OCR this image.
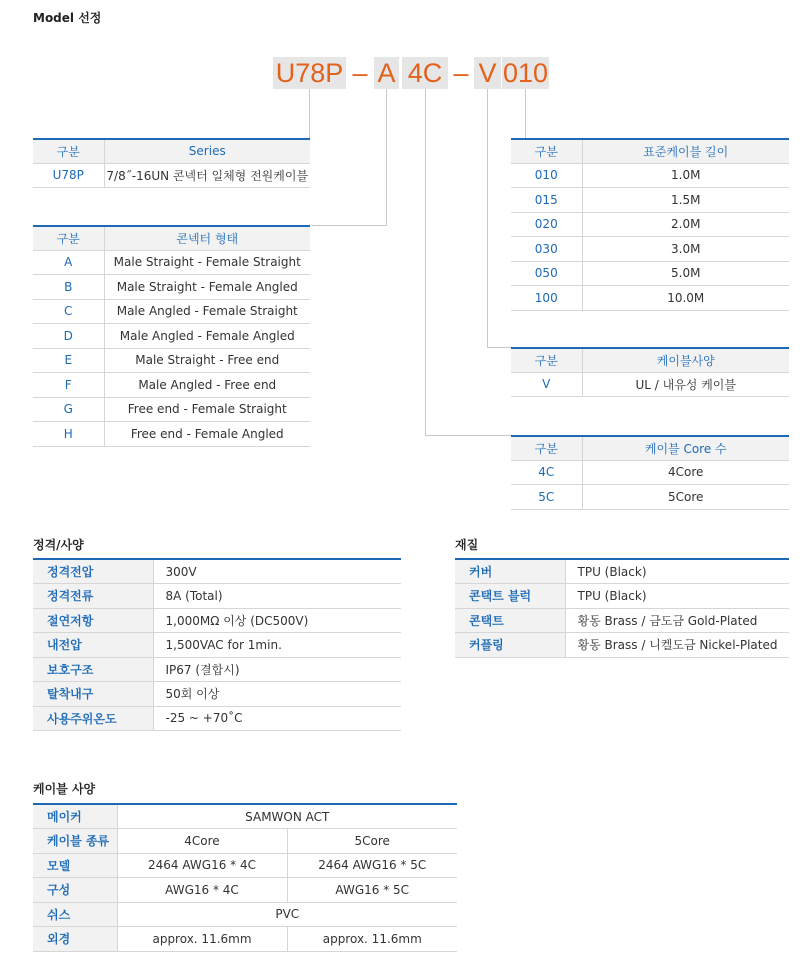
Model 선정
U78P – A 4C – V 010
구분	Series
U78P	7/8˝-16UN 콘넥터 일체형 전원케이블
구분	콘넥터 형태
A	Male Straight - Female Straight
B	Male Straight - Female Angled
C	Male Angled - Female Straight
D	Male Angled - Female Angled
E	Male Straight - Free end
F	Male Angled - Free end
G	Free end - Female Straight
H	Free end - Female Angled
구분	표준케이블 길이
010	1.0M
015	1.5M
020	2.0M
030	3.0M
050	5.0M
100	10.0M
구분	케이블사양
V	UL / 내유성 케이블
구분	케이블 Core 수
4C	4Core
5C	5Core
정격/사양
정격전압	300V
정격전류	8A (Total)
절연저항	1,000MΩ 이상 (DC500V)
내전압	1,500VAC for 1min.
보호구조	IP67 (결합시)
탈착내구	50회 이상
사용주위온도	-25 ~ +70˚C
재질
커버	TPU (Black)
콘택트 블럭	TPU (Black)
콘택트	황동 Brass / 금도금 Gold-Plated
커플링	황동 Brass / 니켈도금 Nickel-Plated
케이블 사양
메이커	SAMWON ACT	
케이블 종류	4Core	5Core
모델	2464 AWG16 * 4C	2464 AWG16 * 5C
구성	AWG16 * 4C	AWG16 * 5C
쉬스	PVC	
외경	approx. 11.6mm	approx. 11.6mm
